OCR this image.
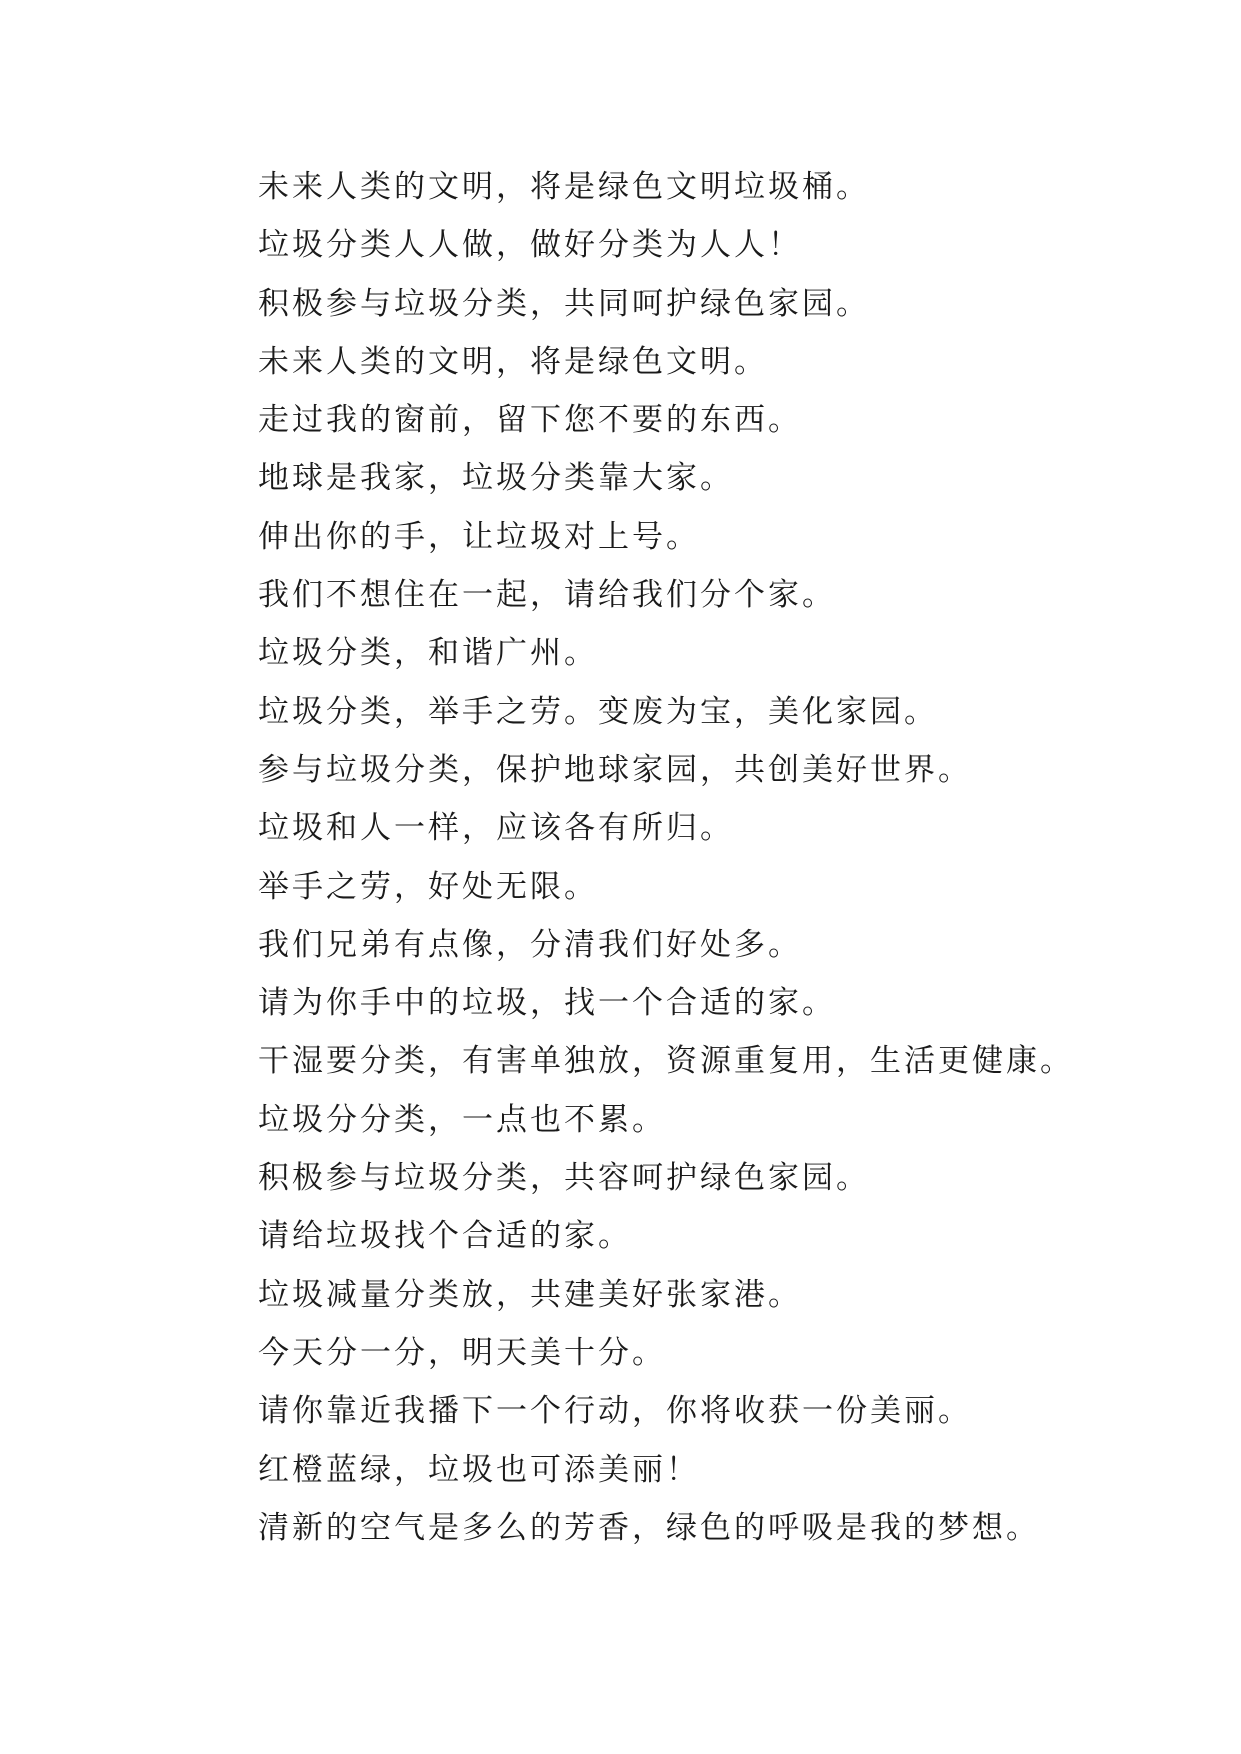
未来人类的文明，将是绿色文明垃圾桶。
垃圾分类人人做，做好分类为人人！
积极参与垃圾分类，共同呵护绿色家园。
未来人类的文明，将是绿色文明。
走过我的窗前，留下您不要的东西。
地球是我家，垃圾分类靠大家。
伸出你的手，让垃圾对上号。
我们不想住在一起，请给我们分个家。
垃圾分类，和谐广州。
垃圾分类，举手之劳。变废为宝，美化家园。
参与垃圾分类，保护地球家园，共创美好世界。
垃圾和人一样，应该各有所归。
举手之劳，好处无限。
我们兄弟有点像，分清我们好处多。
请为你手中的垃圾，找一个合适的家。
干湿要分类，有害单独放，资源重复用，生活更健康。
垃圾分分类，一点也不累。
积极参与垃圾分类，共容呵护绿色家园。
请给垃圾找个合适的家。
垃圾减量分类放，共建美好张家港。
今天分一分，明天美十分。
请你靠近我播下一个行动，你将收获一份美丽。
红橙蓝绿，垃圾也可添美丽！
清新的空气是多么的芳香，绿色的呼吸是我的梦想。
